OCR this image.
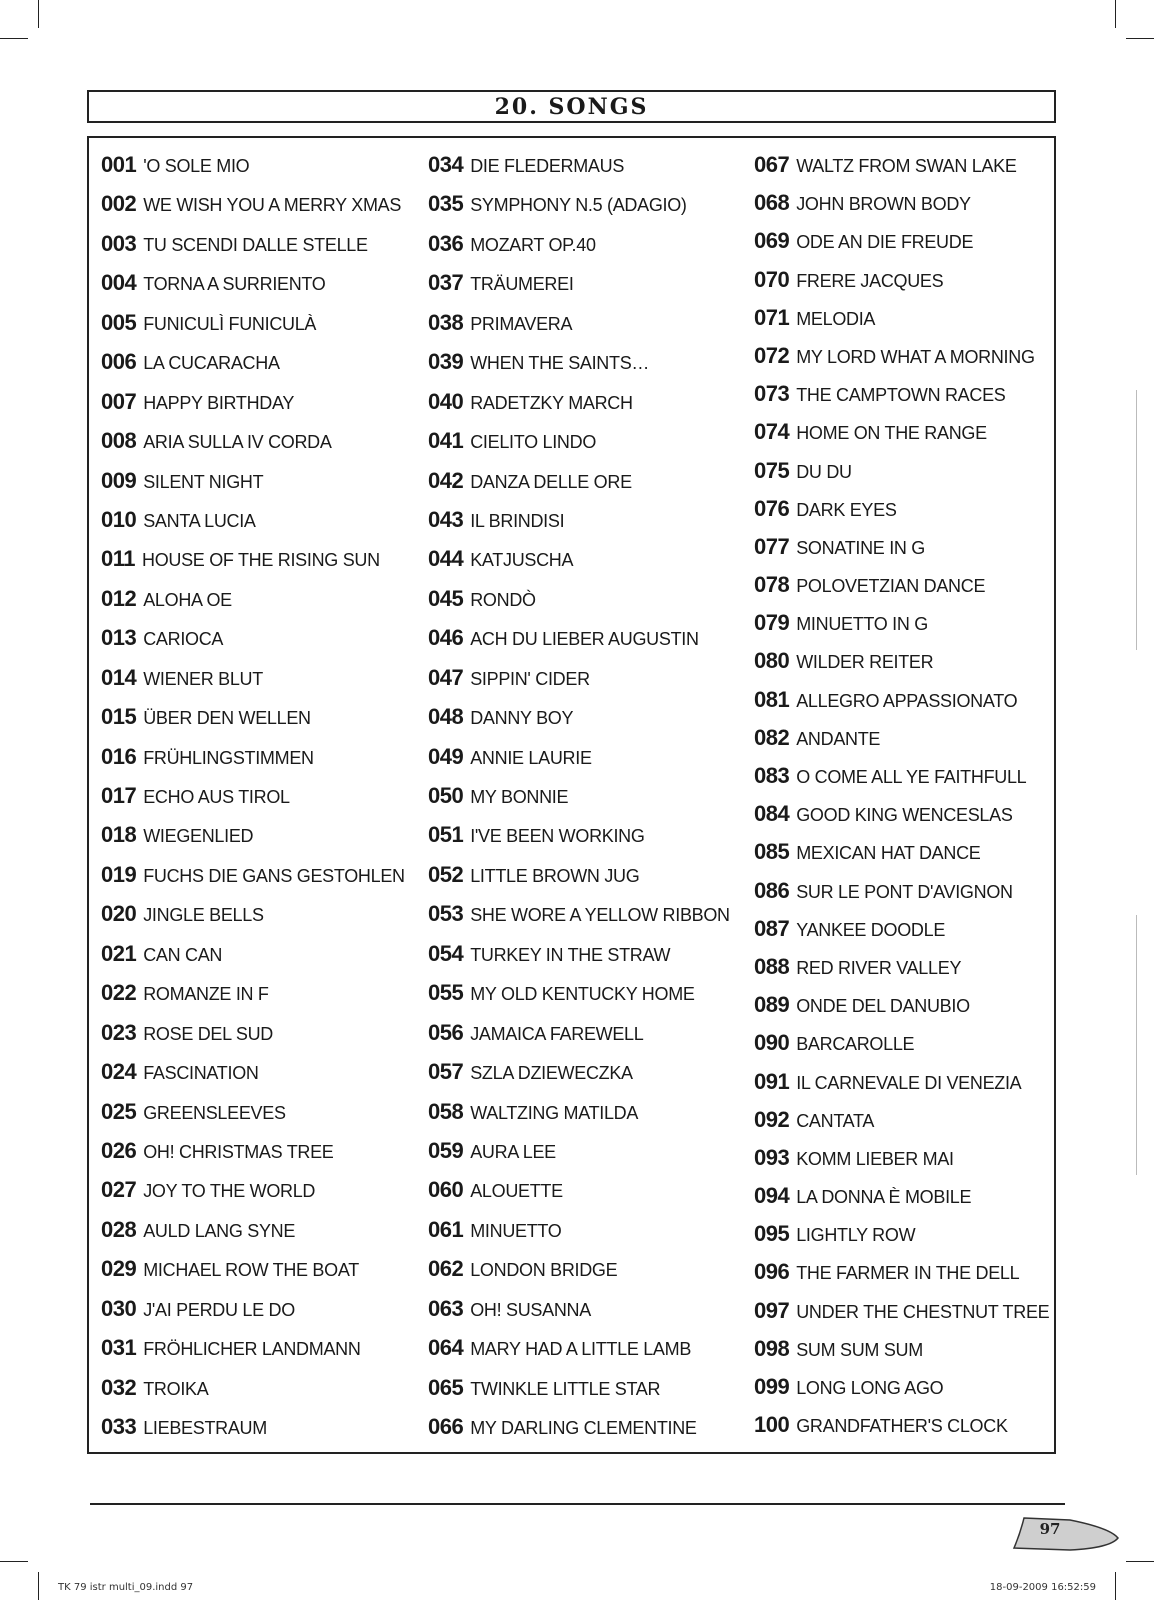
20. SONGS
001 'O SOLE MIO
002 WE WISH YOU A MERRY XMAS
003 TU SCENDI DALLE STELLE
004 TORNA A SURRIENTO
005 FUNICULÌ FUNICULÀ
006 LA CUCARACHA
007 HAPPY BIRTHDAY
008 ARIA SULLA IV CORDA
009 SILENT NIGHT
010 SANTA LUCIA
011 HOUSE OF THE RISING SUN
012 ALOHA OE
013 CARIOCA
014 WIENER BLUT
015 ÜBER DEN WELLEN
016 FRÜHLINGSTIMMEN
017 ECHO AUS TIROL
018 WIEGENLIED
019 FUCHS DIE GANS GESTOHLEN
020 JINGLE BELLS
021 CAN CAN
022 ROMANZE IN F
023 ROSE DEL SUD
024 FASCINATION
025 GREENSLEEVES
026 OH! CHRISTMAS TREE
027 JOY TO THE WORLD
028 AULD LANG SYNE
029 MICHAEL ROW THE BOAT
030 J'AI PERDU LE DO
031 FRÖHLICHER LANDMANN
032 TROIKA
033 LIEBESTRAUM
034 DIE FLEDERMAUS
035 SYMPHONY N.5 (ADAGIO)
036 MOZART OP.40
037 TRÄUMEREI
038 PRIMAVERA
039 WHEN THE SAINTS…
040 RADETZKY MARCH
041 CIELITO LINDO
042 DANZA DELLE ORE
043 IL BRINDISI
044 KATJUSCHA
045 RONDÒ
046 ACH DU LIEBER AUGUSTIN
047 SIPPIN' CIDER
048 DANNY BOY
049 ANNIE LAURIE
050 MY BONNIE
051 I'VE BEEN WORKING
052 LITTLE BROWN JUG
053 SHE WORE A YELLOW RIBBON
054 TURKEY IN THE STRAW
055 MY OLD KENTUCKY HOME
056 JAMAICA FAREWELL
057 SZLA DZIEWECZKA
058 WALTZING MATILDA
059 AURA LEE
060 ALOUETTE
061 MINUETTO
062 LONDON BRIDGE
063 OH! SUSANNA
064 MARY HAD A LITTLE LAMB
065 TWINKLE LITTLE STAR
066 MY DARLING CLEMENTINE
067 WALTZ FROM SWAN LAKE
068 JOHN BROWN BODY
069 ODE AN DIE FREUDE
070 FRERE JACQUES
071 MELODIA
072 MY LORD WHAT A MORNING
073 THE CAMPTOWN RACES
074 HOME ON THE RANGE
075 DU DU
076 DARK EYES
077 SONATINE IN G
078 POLOVETZIAN DANCE
079 MINUETTO IN G
080 WILDER REITER
081 ALLEGRO APPASSIONATO
082 ANDANTE
083 O COME ALL YE FAITHFULL
084 GOOD KING WENCESLAS
085 MEXICAN HAT DANCE
086 SUR LE PONT D'AVIGNON
087 YANKEE DOODLE
088 RED RIVER VALLEY
089 ONDE DEL DANUBIO
090 BARCAROLLE
091 IL CARNEVALE DI VENEZIA
092 CANTATA
093 KOMM LIEBER MAI
094 LA DONNA È MOBILE
095 LIGHTLY ROW
096 THE FARMER IN THE DELL
097 UNDER THE CHESTNUT TREE
098 SUM SUM SUM
099 LONG LONG AGO
100 GRANDFATHER'S CLOCK
97
TK 79 istr multi_09.indd 97	18-09-2009 16:52:59
